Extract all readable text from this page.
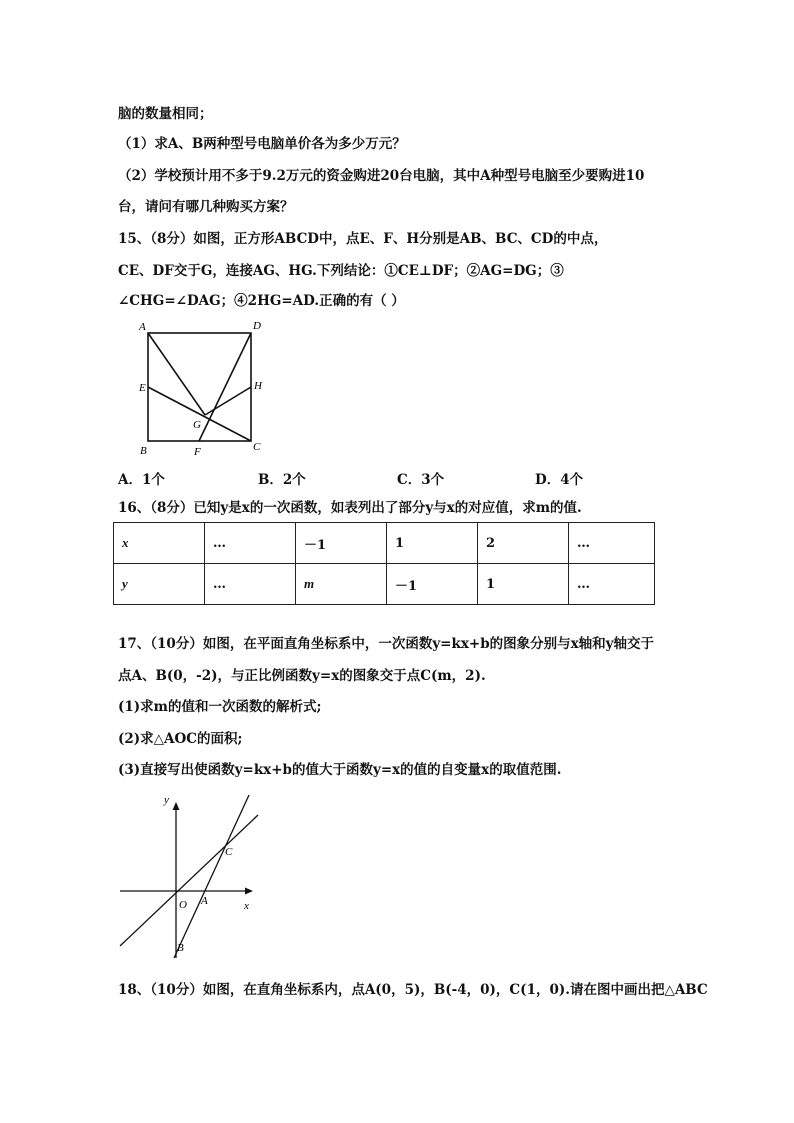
脑的数量相同；
（1）求A、B两种型号电脑单价各为多少万元？
（2）学校预计用不多于9.2万元的资金购进20台电脑，其中A种型号电脑至少要购进10
台，请问有哪几种购买方案？
15、（8分）如图，正方形ABCD中，点E、F、H分别是AB、BC、CD的中点，
CE、DF交于G，连接AG、HG.下列结论：①CE⊥DF；②AG=DG；③
∠CHG=∠DAG；④2HG=AD.正确的有（ ）
A	D
E	H
G
B	F	C
A．1个	B．2个	C．3个	D．4个
16、（8分）已知y是x的一次函数，如表列出了部分y与x的对应值，求m的值.
x	…	－1	1	2	…
y	…	m	－1	1	…
17、（10分）如图，在平面直角坐标系中，一次函数y=kx+b的图象分别与x轴和y轴交于
点A、B(0，-2)，与正比例函数y=x的图象交于点C(m，2).
(1)求m的值和一次函数的解析式;
(2)求△AOC的面积;
(3)直接写出使函数y=kx+b的值大于函数y=x的值的自变量x的取值范围.
y
C
O A	x
B
18、（10分）如图，在直角坐标系内，点A(0，5)，B(-4，0)，C(1，0).请在图中画出把△ABC
